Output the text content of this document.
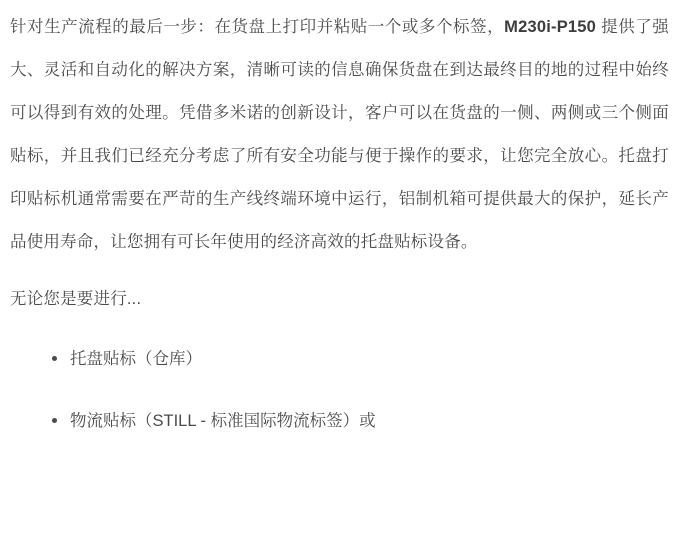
针对生产流程的最后一步：在货盘上打印并粘贴一个或多个标签，M230i-P150 提供了强大、灵活和自动化的解决方案，清晰可读的信息确保货盘在到达最终目的地的过程中始终可以得到有效的处理。凭借多米诺的创新设计，客户可以在货盘的一侧、两侧或三个侧面贴标，并且我们已经充分考虑了所有安全功能与便于操作的要求，让您完全放心。托盘打印贴标机通常需要在严苛的生产线终端环境中运行，铝制机箱可提供最大的保护，延长产品使用寿命，让您拥有可长年使用的经济高效的托盘贴标设备。

无论您是要进行...

托盘贴标（仓库）
物流贴标（STILL - 标准国际物流标签）或
